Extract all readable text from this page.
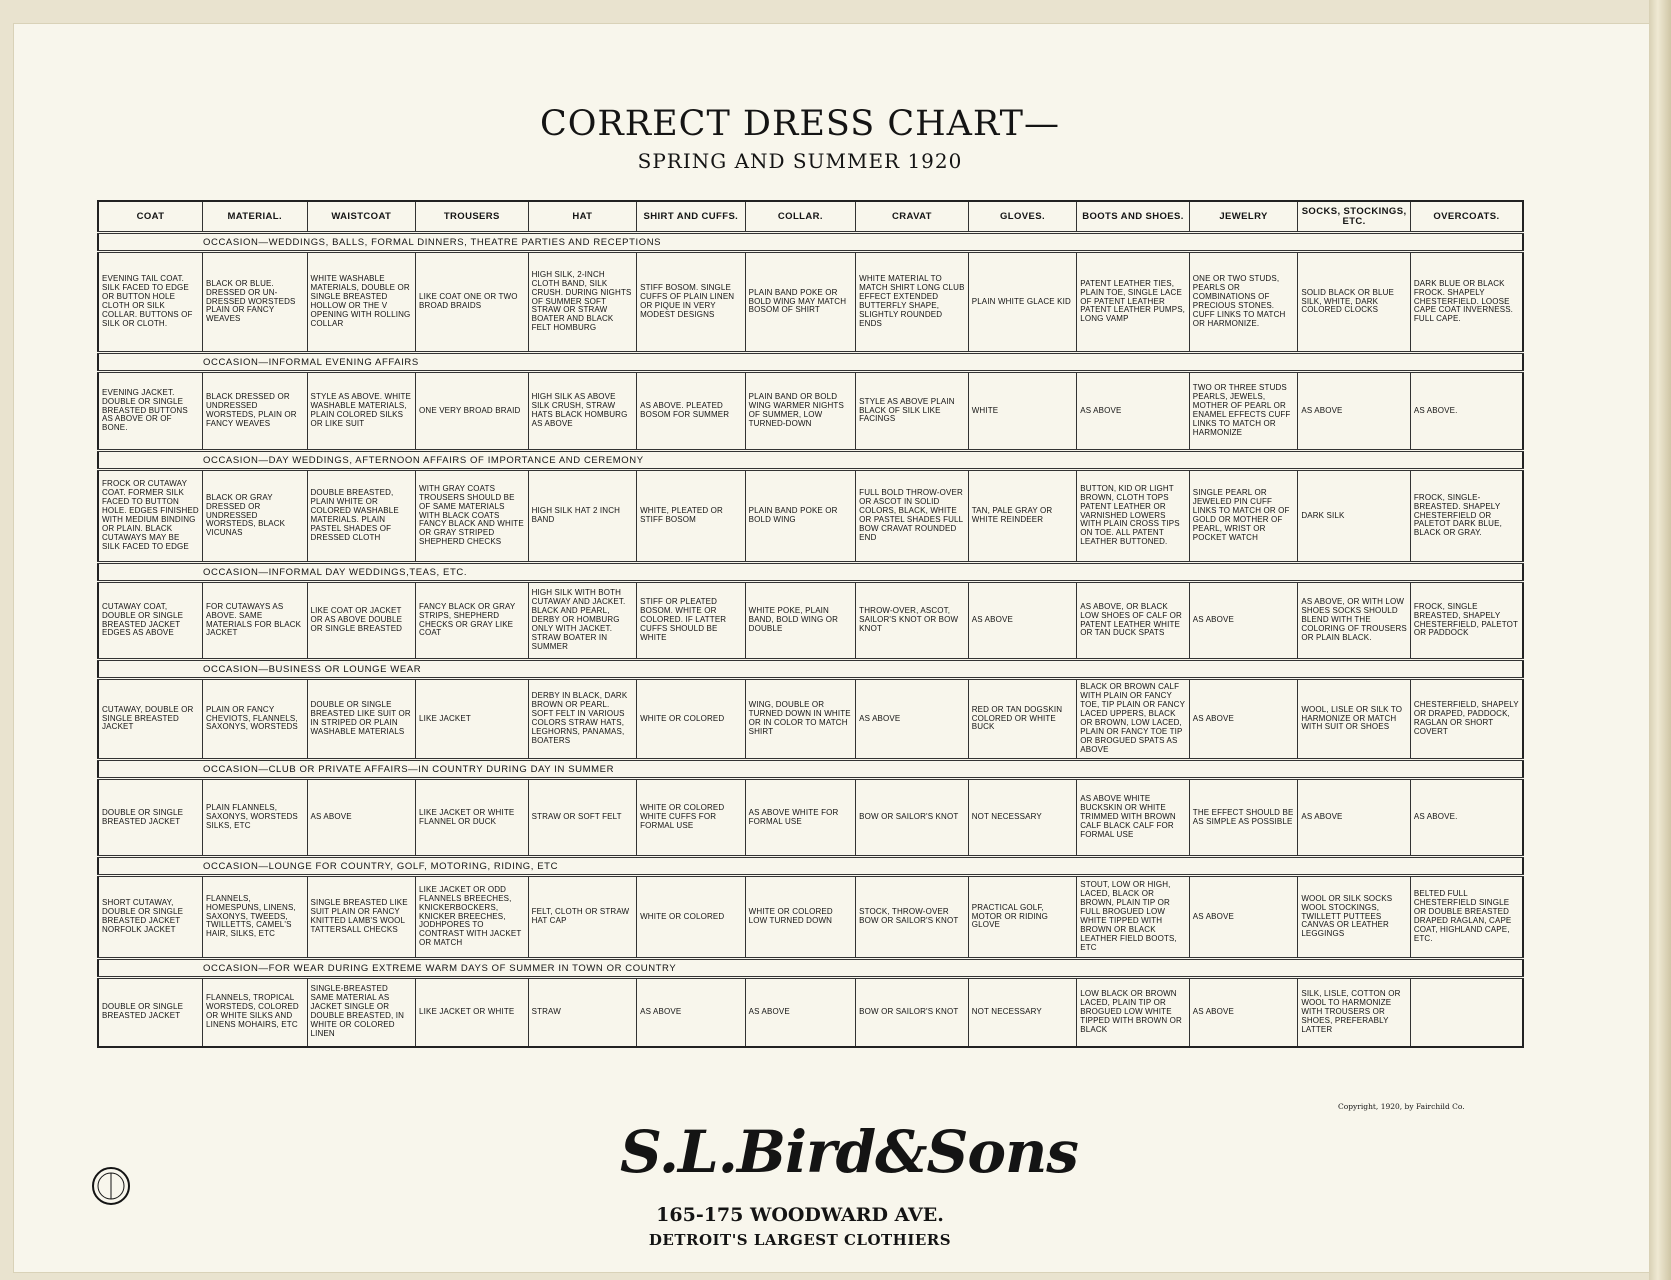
CORRECT DRESS CHART—
SPRING AND SUMMER 1920
COAT	MATERIAL.	WAISTCOAT	TROUSERS	HAT	SHIRT AND CUFFS.	COLLAR.	CRAVAT	GLOVES.	BOOTS AND SHOES.	JEWELRY	SOCKS, STOCKINGS, ETC.	OVERCOATS.
OCCASION—WEDDINGS, BALLS, FORMAL DINNERS, THEATRE PARTIES AND RECEPTIONS												
EVENING TAIL COAT. SILK FACED TO EDGE OR BUTTON HOLE CLOTH OR SILK COLLAR. BUTTONS OF SILK OR CLOTH.	BLACK OR BLUE. DRESSED OR UN-DRESSED WORSTEDS PLAIN OR FANCY WEAVES	WHITE WASHABLE MATERIALS, DOUBLE OR SINGLE BREASTED HOLLOW OR THE V OPENING WITH ROLLING COLLAR	LIKE COAT ONE OR TWO BROAD BRAIDS	HIGH SILK, 2-INCH CLOTH BAND, SILK CRUSH. DURING NIGHTS OF SUMMER SOFT STRAW OR STRAW BOATER AND BLACK FELT HOMBURG	STIFF BOSOM. SINGLE CUFFS OF PLAIN LINEN OR PIQUE IN VERY MODEST DESIGNS	PLAIN BAND POKE OR BOLD WING MAY MATCH BOSOM OF SHIRT	WHITE MATERIAL TO MATCH SHIRT LONG CLUB EFFECT EXTENDED BUTTERFLY SHAPE, SLIGHTLY ROUNDED ENDS	PLAIN WHITE GLACE KID	PATENT LEATHER TIES, PLAIN TOE, SINGLE LACE OF PATENT LEATHER PATENT LEATHER PUMPS, LONG VAMP	ONE OR TWO STUDS, PEARLS OR COMBINATIONS OF PRECIOUS STONES. CUFF LINKS TO MATCH OR HARMONIZE.	SOLID BLACK OR BLUE SILK, WHITE, DARK COLORED CLOCKS	DARK BLUE OR BLACK FROCK. SHAPELY CHESTERFIELD. LOOSE CAPE COAT INVERNESS. FULL CAPE.
OCCASION—INFORMAL EVENING AFFAIRS												
EVENING JACKET. DOUBLE OR SINGLE BREASTED BUTTONS AS ABOVE OR OF BONE.	BLACK DRESSED OR UNDRESSED WORSTEDS, PLAIN OR FANCY WEAVES	STYLE AS ABOVE. WHITE WASHABLE MATERIALS, PLAIN COLORED SILKS OR LIKE SUIT	ONE VERY BROAD BRAID	HIGH SILK AS ABOVE SILK CRUSH, STRAW HATS BLACK HOMBURG AS ABOVE	AS ABOVE. PLEATED BOSOM FOR SUMMER	PLAIN BAND OR BOLD WING WARMER NIGHTS OF SUMMER, LOW TURNED-DOWN	STYLE AS ABOVE PLAIN BLACK OF SILK LIKE FACINGS	WHITE	AS ABOVE	TWO OR THREE STUDS PEARLS, JEWELS, MOTHER OF PEARL OR ENAMEL EFFECTS CUFF LINKS TO MATCH OR HARMONIZE	AS ABOVE	AS ABOVE.
OCCASION—DAY WEDDINGS, AFTERNOON AFFAIRS OF IMPORTANCE AND CEREMONY												
FROCK OR CUTAWAY COAT. FORMER SILK FACED TO BUTTON HOLE. EDGES FINISHED WITH MEDIUM BINDING OR PLAIN. BLACK CUTAWAYS MAY BE SILK FACED TO EDGE	BLACK OR GRAY DRESSED OR UNDRESSED WORSTEDS, BLACK VICUNAS	DOUBLE BREASTED, PLAIN WHITE OR COLORED WASHABLE MATERIALS. PLAIN PASTEL SHADES OF DRESSED CLOTH	WITH GRAY COATS TROUSERS SHOULD BE OF SAME MATERIALS WITH BLACK COATS FANCY BLACK AND WHITE OR GRAY STRIPED SHEPHERD CHECKS	HIGH SILK HAT 2 INCH BAND	WHITE, PLEATED OR STIFF BOSOM	PLAIN BAND POKE OR BOLD WING	FULL BOLD THROW-OVER OR ASCOT IN SOLID COLORS, BLACK, WHITE OR PASTEL SHADES FULL BOW CRAVAT ROUNDED END	TAN, PALE GRAY OR WHITE REINDEER	BUTTON, KID OR LIGHT BROWN, CLOTH TOPS PATENT LEATHER OR VARNISHED LOWERS WITH PLAIN CROSS TIPS ON TOE. ALL PATENT LEATHER BUTTONED.	SINGLE PEARL OR JEWELED PIN CUFF LINKS TO MATCH OR OF GOLD OR MOTHER OF PEARL, WRIST OR POCKET WATCH	DARK SILK	FROCK, SINGLE-BREASTED. SHAPELY CHESTERFIELD OR PALETOT DARK BLUE, BLACK OR GRAY.
OCCASION—INFORMAL DAY WEDDINGS,TEAS, ETC.												
CUTAWAY COAT, DOUBLE OR SINGLE BREASTED JACKET EDGES AS ABOVE	FOR CUTAWAYS AS ABOVE. SAME MATERIALS FOR BLACK JACKET	LIKE COAT OR JACKET OR AS ABOVE DOUBLE OR SINGLE BREASTED	FANCY BLACK OR GRAY STRIPS, SHEPHERD CHECKS OR GRAY LIKE COAT	HIGH SILK WITH BOTH CUTAWAY AND JACKET. BLACK AND PEARL, DERBY OR HOMBURG ONLY WITH JACKET. STRAW BOATER IN SUMMER	STIFF OR PLEATED BOSOM. WHITE OR COLORED. IF LATTER CUFFS SHOULD BE WHITE	WHITE POKE, PLAIN BAND, BOLD WING OR DOUBLE	THROW-OVER, ASCOT, SAILOR'S KNOT OR BOW KNOT	AS ABOVE	AS ABOVE, OR BLACK LOW SHOES OF CALF OR PATENT LEATHER WHITE OR TAN DUCK SPATS	AS ABOVE	AS ABOVE, OR WITH LOW SHOES SOCKS SHOULD BLEND WITH THE COLORING OF TROUSERS OR PLAIN BLACK.	FROCK, SINGLE BREASTED, SHAPELY CHESTERFIELD, PALETOT OR PADDOCK
OCCASION—BUSINESS OR LOUNGE WEAR												
CUTAWAY, DOUBLE OR SINGLE BREASTED JACKET	PLAIN OR FANCY CHEVIOTS, FLANNELS, SAXONYS, WORSTEDS	DOUBLE OR SINGLE BREASTED LIKE SUIT OR IN STRIPED OR PLAIN WASHABLE MATERIALS	LIKE JACKET	DERBY IN BLACK, DARK BROWN OR PEARL. SOFT FELT IN VARIOUS COLORS STRAW HATS, LEGHORNS, PANAMAS, BOATERS	WHITE OR COLORED	WING, DOUBLE OR TURNED DOWN IN WHITE OR IN COLOR TO MATCH SHIRT	AS ABOVE	RED OR TAN DOGSKIN COLORED OR WHITE BUCK	BLACK OR BROWN CALF WITH PLAIN OR FANCY TOE, TIP PLAIN OR FANCY LACED UPPERS, BLACK OR BROWN, LOW LACED, PLAIN OR FANCY TOE TIP OR BROGUED SPATS AS ABOVE	AS ABOVE	WOOL, LISLE OR SILK TO HARMONIZE OR MATCH WITH SUIT OR SHOES	CHESTERFIELD, SHAPELY OR DRAPED, PADDOCK, RAGLAN OR SHORT COVERT
OCCASION—CLUB OR PRIVATE AFFAIRS—IN COUNTRY DURING DAY IN SUMMER												
DOUBLE OR SINGLE BREASTED JACKET	PLAIN FLANNELS, SAXONYS, WORSTEDS SILKS, ETC	AS ABOVE	LIKE JACKET OR WHITE FLANNEL OR DUCK	STRAW OR SOFT FELT	WHITE OR COLORED WHITE CUFFS FOR FORMAL USE	AS ABOVE WHITE FOR FORMAL USE	BOW OR SAILOR'S KNOT	NOT NECESSARY	AS ABOVE WHITE BUCKSKIN OR WHITE TRIMMED WITH BROWN CALF BLACK CALF FOR FORMAL USE	THE EFFECT SHOULD BE AS SIMPLE AS POSSIBLE	AS ABOVE	AS ABOVE.
OCCASION—LOUNGE FOR COUNTRY, GOLF, MOTORING, RIDING, ETC												
SHORT CUTAWAY, DOUBLE OR SINGLE BREASTED JACKET NORFOLK JACKET	FLANNELS, HOMESPUNS, LINENS, SAXONYS, TWEEDS, TWILLETTS, CAMEL'S HAIR, SILKS, ETC	SINGLE BREASTED LIKE SUIT PLAIN OR FANCY KNITTED LAMB'S WOOL TATTERSALL CHECKS	LIKE JACKET OR ODD FLANNELS BREECHES, KNICKERBOCKERS, KNICKER BREECHES, JODHPORES TO CONTRAST WITH JACKET OR MATCH	FELT, CLOTH OR STRAW HAT CAP	WHITE OR COLORED	WHITE OR COLORED LOW TURNED DOWN	STOCK, THROW-OVER BOW OR SAILOR'S KNOT	PRACTICAL GOLF, MOTOR OR RIDING GLOVE	STOUT, LOW OR HIGH, LACED, BLACK OR BROWN, PLAIN TIP OR FULL BROGUED LOW WHITE TIPPED WITH BROWN OR BLACK LEATHER FIELD BOOTS, ETC	AS ABOVE	WOOL OR SILK SOCKS WOOL STOCKINGS, TWILLETT PUTTEES CANVAS OR LEATHER LEGGINGS	BELTED FULL CHESTERFIELD SINGLE OR DOUBLE BREASTED DRAPED RAGLAN, CAPE COAT, HIGHLAND CAPE, ETC.
OCCASION—FOR WEAR DURING EXTREME WARM DAYS OF SUMMER IN TOWN OR COUNTRY												
DOUBLE OR SINGLE BREASTED JACKET	FLANNELS, TROPICAL WORSTEDS, COLORED OR WHITE SILKS AND LINENS MOHAIRS, ETC	SINGLE-BREASTED SAME MATERIAL AS JACKET SINGLE OR DOUBLE BREASTED, IN WHITE OR COLORED LINEN	LIKE JACKET OR WHITE	STRAW	AS ABOVE	AS ABOVE	BOW OR SAILOR'S KNOT	NOT NECESSARY	LOW BLACK OR BROWN LACED, PLAIN TIP OR BROGUED LOW WHITE TIPPED WITH BROWN OR BLACK	AS ABOVE	SILK, LISLE, COTTON OR WOOL TO HARMONIZE WITH TROUSERS OR SHOES, PREFERABLY LATTER	
Copyright, 1920, by Fairchild Co.
S.L.Bird&Sons
165-175 WOODWARD AVE.
DETROIT'S LARGEST CLOTHIERS
